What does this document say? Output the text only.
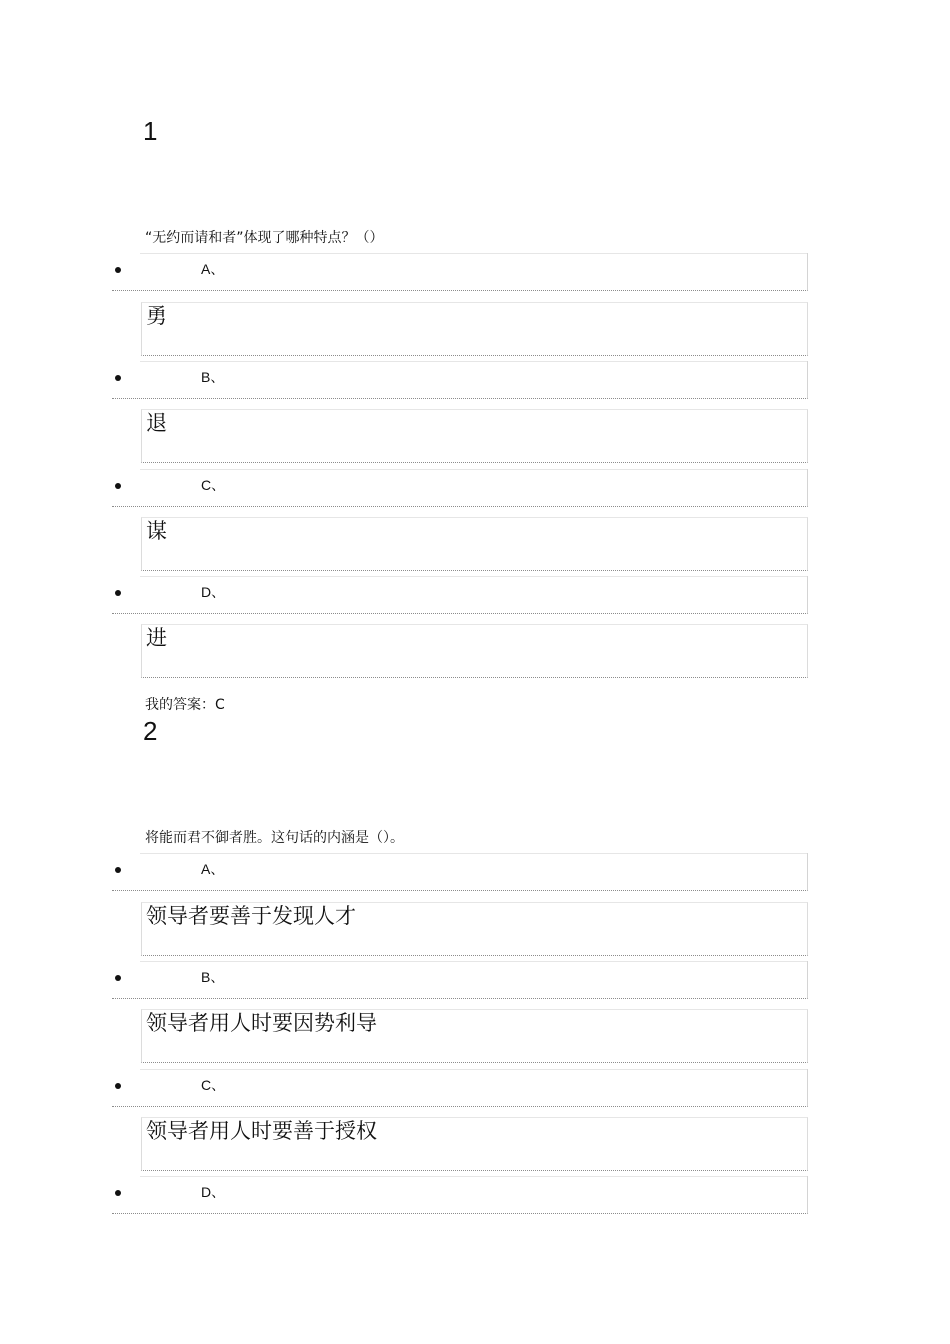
1
“无约而请和者”体现了哪种特点？（）
A、
勇
B、
退
C、
谋
D、
进
我的答案：C
2
将能而君不御者胜。这句话的内涵是（）。
A、
领导者要善于发现人才
B、
领导者用人时要因势利导
C、
领导者用人时要善于授权
D、
